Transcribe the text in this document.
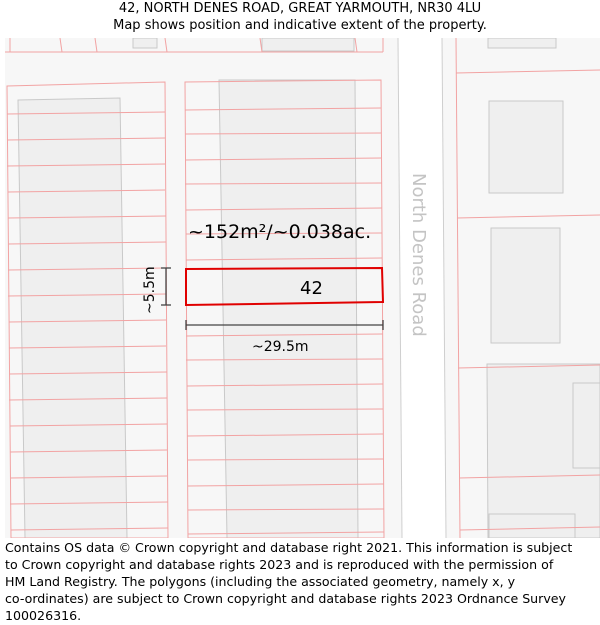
42, NORTH DENES ROAD, GREAT YARMOUTH, NR30 4LU
Map shows position and indicative extent of the property.
North Denes Road
~152m²/~0.038ac.
42
~5.5m
~29.5m
Contains OS data © Crown copyright and database right 2021. This information is subject
to Crown copyright and database rights 2023 and is reproduced with the permission of
HM Land Registry. The polygons (including the associated geometry, namely x, y
co-ordinates) are subject to Crown copyright and database rights 2023 Ordnance Survey
100026316.
